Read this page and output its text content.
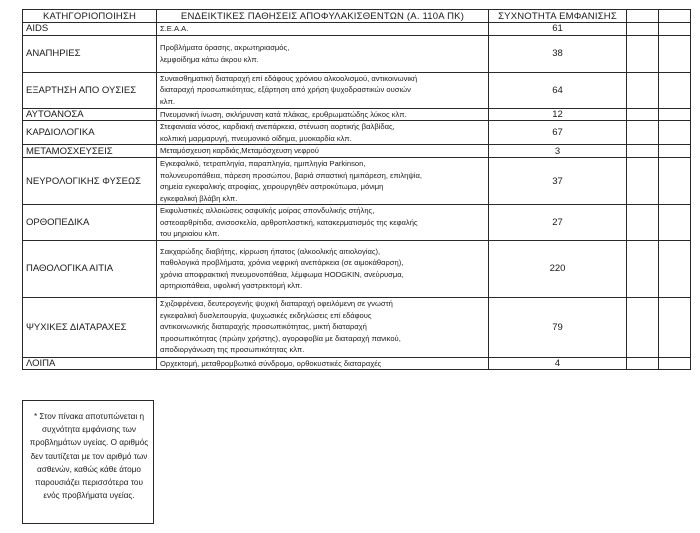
ΚΑΤΗΓΟΡΙΟΠΟΙΗΣΗ	ΕΝΔΕΙΚΤΙΚΕΣ ΠΑΘΗΣΕΙΣ ΑΠΟΦΥΛΑΚΙΣΘΕΝΤΩΝ (Α. 110Α ΠΚ)	ΣΥΧΝΟΤΗΤΑ ΕΜΦΑΝΙΣΗΣ		
AIDS	Σ.Ε.Α.Α.	61		
ΑΝΑΠΗΡΙΕΣ	Προβλήματα όρασης, ακρωτηριασμός,
λεμφοίδημα κάτω άκρου κλπ.	38		
ΕΞΑΡΤΗΣΗ ΑΠΟ ΟΥΣΙΕΣ	Συναισθηματική διαταραχή επί εδάφους χρόνιου αλκοολισμού, αντικοινωνική
διαταραχή προσωπικότητας, εξάρτηση από χρήση ψυχοδραστικών ουσιών
κλπ.	64		
ΑΥΤΟΑΝΟΣΑ	Πνευμονική ίνωση, σκλήρυνση κατά πλάκας, ερυθρωματώδης λύκος κλπ.	12		
ΚΑΡΔΙΟΛΟΓΙΚΑ	Στεφανιαία νόσος, καρδιακή ανεπάρκεια, στένωση αορτικής βαλβίδας,
κολπική μαρμαρυγή, πνευμονικό οίδημα, μυοκαρδία κλπ.	67		
ΜΕΤΑΜΟΣΧΕΥΣΕΙΣ	Μεταμόσχευση καρδιάς,Μεταμόσχευση νεφρού	3		
ΝΕΥΡΟΛΟΓΙΚΗΣ ΦΥΣΕΩΣ	Εγκεφαλικό, τετραπληγία, παραπληγία, ημιπληγία Parkinson,
πολυνευροπάθεια, πάρεση προσώπου, βαριά σπαστική ημιπάρεση, επιληψία,
σημεία εγκεφαλικής ατροφίας, χειρουργηθέν αστροκύτωμα, μόνιμη
εγκεφαλική βλάβη κλπ.	37		
ΟΡΘΟΠΕΔΙΚΑ	Εκφυλιστικές αλλοιώσεις οσφυϊκής μοίρας σπονδυλικής στήλης,
οστεοαρθρίτιδα, ανισοσκελία, αρθροπλαστική, κατακερματισμός της κεφαλής
του μηριαίου κλπ.	27		
ΠΑΘΟΛΟΓΙΚΑ ΑΙΤΙΑ	Σακχαρώδης διαβήτης, κίρρωση ήπατος (αλκοολικής αιτιολογίας),
παθολογικά προβλήματα, χρόνια νεφρική ανεπάρκεια (σε αιμοκάθαρση),
χρόνια αποφρακτική πνευμονοπάθεια, λέμφωμα HODGKIN, ανεύρυσμα,
αρτηριοπάθεια, υφολική γαστρεκτομή κλπ.	220		
ΨΥΧΙΚΕΣ ΔΙΑΤΑΡΑΧΕΣ	Σχιζοφρένεια, δευτερογενής ψυχική διαταραχή οφειλόμενη σε γνωστή
εγκεφαλική δυσλειτουργία, ψυχωσικές εκδηλώσεις επί εδάφους
αντικοινωνικής διαταραχής προσωπικότητας, μικτή διαταραχή
προσωπικότητας (πρώην χρήστης), αγοραφοβία με διαταραχή πανικού,
αποδιοργάνωση της προσωπικότητας κλπ.	79		
ΛΟΙΠΑ	Ορχεκτομή, μεταθρομβωτικό σύνδρομο, ορθοκυστικές διαταραχές	4		
* Στον πίνακα αποτυπώνεται η συχνότητα εμφάνισης των προβλημάτων υγείας. Ο αριθμός δεν ταυτίζεται με τον αριθμό των ασθενών, καθώς κάθε άτομο παρουσιάζει περισσότερα του ενός προβλήματα υγείας.
